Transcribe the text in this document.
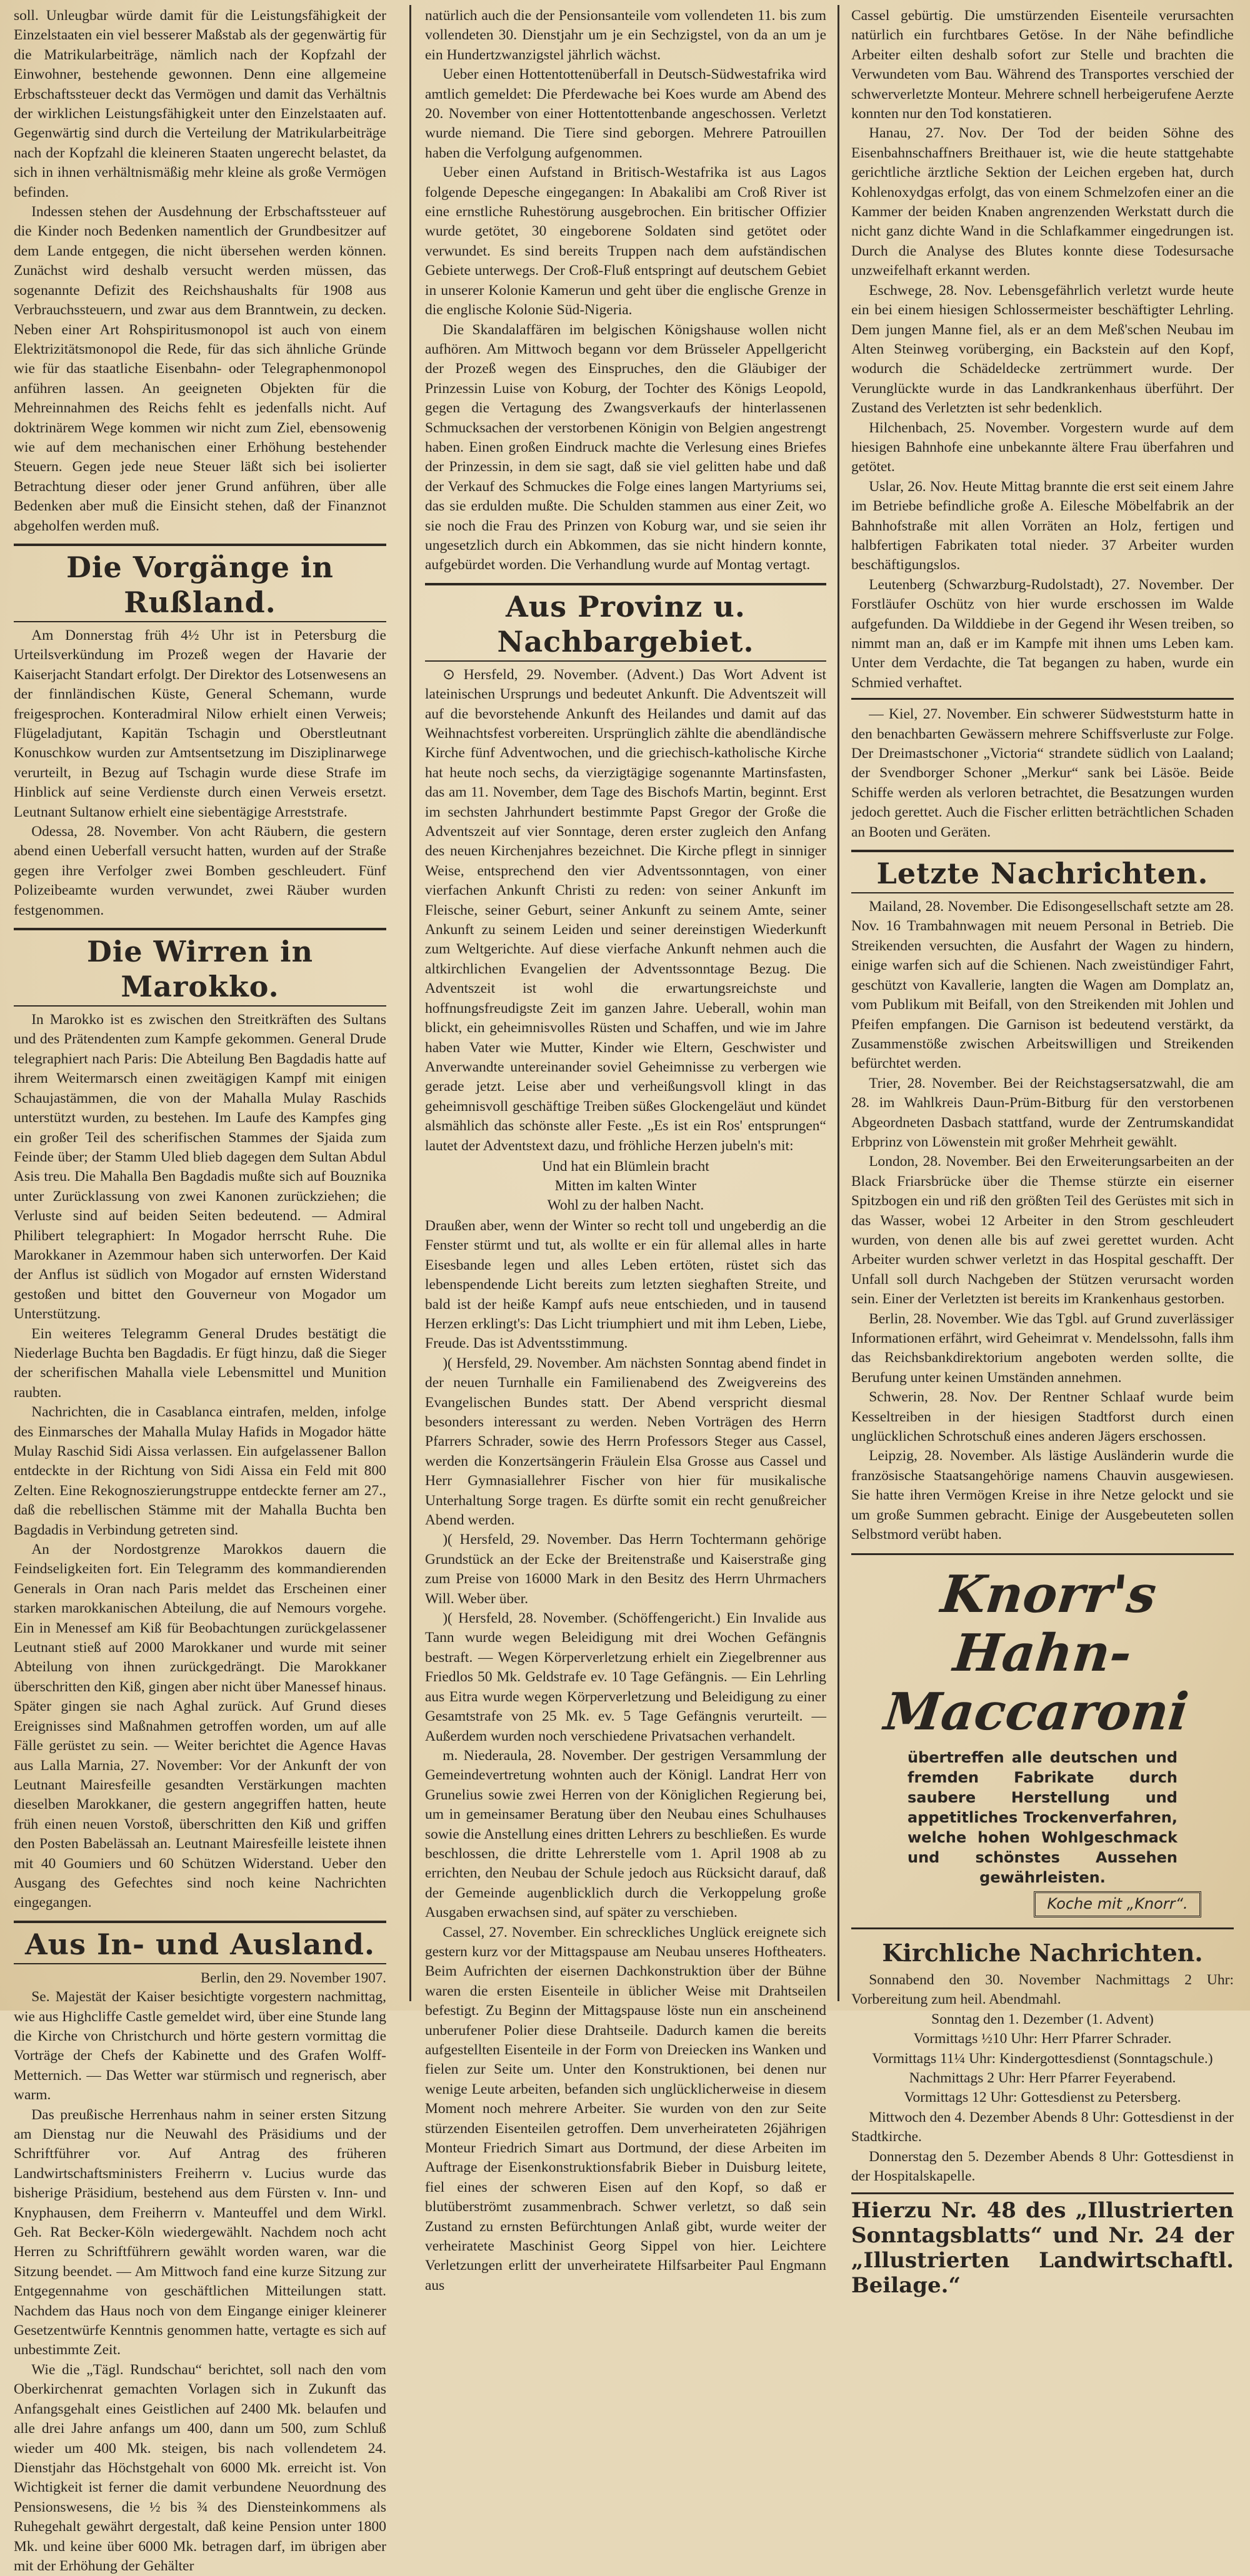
soll. Unleugbar würde damit für die Leistungsfähigkeit der Einzelstaaten ein viel besserer Maßstab als der gegenwärtig für die Matrikularbeiträge, nämlich nach der Kopfzahl der Einwohner, bestehende gewonnen. Denn eine allgemeine Erbschaftssteuer deckt das Vermögen und damit das Verhältnis der wirklichen Leistungsfähigkeit unter den Einzelstaaten auf. Gegenwärtig sind durch die Verteilung der Matrikularbeiträge nach der Kopfzahl die kleineren Staaten ungerecht belastet, da sich in ihnen verhältnismäßig mehr kleine als große Vermögen befinden.

Indessen stehen der Ausdehnung der Erbschaftssteuer auf die Kinder noch Bedenken namentlich der Grundbesitzer auf dem Lande entgegen, die nicht übersehen werden können. Zunächst wird deshalb versucht werden müssen, das sogenannte Defizit des Reichshaushalts für 1908 aus Verbrauchssteuern, und zwar aus dem Branntwein, zu decken. Neben einer Art Rohspiritusmonopol ist auch von einem Elektrizitätsmonopol die Rede, für das sich ähnliche Gründe wie für das staatliche Eisenbahn- oder Telegraphenmonopol anführen lassen. An geeigneten Objekten für die Mehreinnahmen des Reichs fehlt es jedenfalls nicht. Auf doktrinärem Wege kommen wir nicht zum Ziel, ebensowenig wie auf dem mechanischen einer Erhöhung bestehender Steuern. Gegen jede neue Steuer läßt sich bei isolierter Betrachtung dieser oder jener Grund anführen, über alle Bedenken aber muß die Einsicht stehen, daß der Finanznot abgeholfen werden muß.

Die Vorgänge in Rußland.

Am Donnerstag früh 4½ Uhr ist in Petersburg die Urteilsverkündung im Prozeß wegen der Havarie der Kaiserjacht Standart erfolgt. Der Direktor des Lotsenwesens an der finnländischen Küste, General Schemann, wurde freigesprochen. Konteradmiral Nilow erhielt einen Verweis; Flügeladjutant, Kapitän Tschagin und Oberstleutnant Konuschkow wurden zur Amtsentsetzung im Disziplinarwege verurteilt, in Bezug auf Tschagin wurde diese Strafe im Hinblick auf seine Verdienste durch einen Verweis ersetzt. Leutnant Sultanow erhielt eine siebentägige Arreststrafe.

Odessa, 28. November. Von acht Räubern, die gestern abend einen Ueberfall versucht hatten, wurden auf der Straße gegen ihre Verfolger zwei Bomben geschleudert. Fünf Polizeibeamte wurden verwundet, zwei Räuber wurden festgenommen.

Die Wirren in Marokko.

In Marokko ist es zwischen den Streitkräften des Sultans und des Prätendenten zum Kampfe gekommen. General Drude telegraphiert nach Paris: Die Abteilung Ben Bagdadis hatte auf ihrem Weitermarsch einen zweitägigen Kampf mit einigen Schaujastämmen, die von der Mahalla Mulay Raschids unterstützt wurden, zu bestehen. Im Laufe des Kampfes ging ein großer Teil des scherifischen Stammes der Sjaida zum Feinde über; der Stamm Uled blieb dagegen dem Sultan Abdul Asis treu. Die Mahalla Ben Bagdadis mußte sich auf Bouznika unter Zurücklassung von zwei Kanonen zurückziehen; die Verluste sind auf beiden Seiten bedeutend. — Admiral Philibert telegraphiert: In Mogador herrscht Ruhe. Die Marokkaner in Azemmour haben sich unterworfen. Der Kaid der Anflus ist südlich von Mogador auf ernsten Widerstand gestoßen und bittet den Gouverneur von Mogador um Unterstützung.

Ein weiteres Telegramm General Drudes bestätigt die Niederlage Buchta ben Bagdadis. Er fügt hinzu, daß die Sieger der scherifischen Mahalla viele Lebensmittel und Munition raubten.

Nachrichten, die in Casablanca eintrafen, melden, infolge des Einmarsches der Mahalla Mulay Hafids in Mogador hätte Mulay Raschid Sidi Aissa verlassen. Ein aufgelassener Ballon entdeckte in der Richtung von Sidi Aissa ein Feld mit 800 Zelten. Eine Rekognoszierungstruppe entdeckte ferner am 27., daß die rebellischen Stämme mit der Mahalla Buchta ben Bagdadis in Verbindung getreten sind.

An der Nordostgrenze Marokkos dauern die Feindseligkeiten fort. Ein Telegramm des kommandierenden Generals in Oran nach Paris meldet das Erscheinen einer starken marokkanischen Abteilung, die auf Nemours vorgehe. Ein in Menessef am Kiß für Beobachtungen zurückgelassener Leutnant stieß auf 2000 Marokkaner und wurde mit seiner Abteilung von ihnen zurückgedrängt. Die Marokkaner überschritten den Kiß, gingen aber nicht über Manessef hinaus. Später gingen sie nach Aghal zurück. Auf Grund dieses Ereignisses sind Maßnahmen getroffen worden, um auf alle Fälle gerüstet zu sein. — Weiter berichtet die Agence Havas aus Lalla Marnia, 27. November: Vor der Ankunft der von Leutnant Mairesfeille gesandten Verstärkungen machten dieselben Marokkaner, die gestern angegriffen hatten, heute früh einen neuen Vorstoß, überschritten den Kiß und griffen den Posten Babelässah an. Leutnant Mairesfeille leistete ihnen mit 40 Goumiers und 60 Schützen Widerstand. Ueber den Ausgang des Gefechtes sind noch keine Nachrichten eingegangen.

Aus In- und Ausland.
Berlin, den 29. November 1907.

Se. Majestät der Kaiser besichtigte vorgestern nachmittag, wie aus Highcliffe Castle gemeldet wird, über eine Stunde lang die Kirche von Christchurch und hörte gestern vormittag die Vorträge der Chefs der Kabinette und des Grafen Wolff-Metternich. — Das Wetter war stürmisch und regnerisch, aber warm.

Das preußische Herrenhaus nahm in seiner ersten Sitzung am Dienstag nur die Neuwahl des Präsidiums und der Schriftführer vor. Auf Antrag des früheren Landwirtschaftsministers Freiherrn v. Lucius wurde das bisherige Präsidium, bestehend aus dem Fürsten v. Inn- und Knyphausen, dem Freiherrn v. Manteuffel und dem Wirkl. Geh. Rat Becker-Köln wiedergewählt. Nachdem noch acht Herren zu Schriftführern gewählt worden waren, war die Sitzung beendet. — Am Mittwoch fand eine kurze Sitzung zur Entgegennahme von geschäftlichen Mitteilungen statt. Nachdem das Haus noch von dem Eingange einiger kleinerer Gesetzentwürfe Kenntnis genommen hatte, vertagte es sich auf unbestimmte Zeit.

Wie die „Tägl. Rundschau“ berichtet, soll nach den vom Oberkirchenrat gemachten Vorlagen sich in Zukunft das Anfangsgehalt eines Geistlichen auf 2400 Mk. belaufen und alle drei Jahre anfangs um 400, dann um 500, zum Schluß wieder um 400 Mk. steigen, bis nach vollendetem 24. Dienstjahr das Höchstgehalt von 6000 Mk. erreicht ist. Von Wichtigkeit ist ferner die damit verbundene Neuordnung des Pensionswesens, die ½ bis ¾ des Diensteinkommens als Ruhegehalt gewährt dergestalt, daß keine Pension unter 1800 Mk. und keine über 6000 Mk. betragen darf, im übrigen aber mit der Erhöhung der Gehälter

natürlich auch die der Pensionsanteile vom vollendeten 11. bis zum vollendeten 30. Dienstjahr um je ein Sechzigstel, von da an um je ein Hundertzwanzigstel jährlich wächst.

Ueber einen Hottentottenüberfall in Deutsch-Südwestafrika wird amtlich gemeldet: Die Pferdewache bei Koes wurde am Abend des 20. November von einer Hottentottenbande angeschossen. Verletzt wurde niemand. Die Tiere sind geborgen. Mehrere Patrouillen haben die Verfolgung aufgenommen.

Ueber einen Aufstand in Britisch-Westafrika ist aus Lagos folgende Depesche eingegangen: In Abakalibi am Croß River ist eine ernstliche Ruhestörung ausgebrochen. Ein britischer Offizier wurde getötet, 30 eingeborene Soldaten sind getötet oder verwundet. Es sind bereits Truppen nach dem aufständischen Gebiete unterwegs. Der Croß-Fluß entspringt auf deutschem Gebiet in unserer Kolonie Kamerun und geht über die englische Grenze in die englische Kolonie Süd-Nigeria.

Die Skandalaffären im belgischen Königshause wollen nicht aufhören. Am Mittwoch begann vor dem Brüsseler Appellgericht der Prozeß wegen des Einspruches, den die Gläubiger der Prinzessin Luise von Koburg, der Tochter des Königs Leopold, gegen die Vertagung des Zwangsverkaufs der hinterlassenen Schmucksachen der verstorbenen Königin von Belgien angestrengt haben. Einen großen Eindruck machte die Verlesung eines Briefes der Prinzessin, in dem sie sagt, daß sie viel gelitten habe und daß der Verkauf des Schmuckes die Folge eines langen Martyriums sei, das sie erdulden mußte. Die Schulden stammen aus einer Zeit, wo sie noch die Frau des Prinzen von Koburg war, und sie seien ihr ungesetzlich durch ein Abkommen, das sie nicht hindern konnte, aufgebürdet worden. Die Verhandlung wurde auf Montag vertagt.

Aus Provinz u. Nachbargebiet.

⊙ Hersfeld, 29. November. (Advent.) Das Wort Advent ist lateinischen Ursprungs und bedeutet Ankunft. Die Adventszeit will auf die bevorstehende Ankunft des Heilandes und damit auf das Weihnachtsfest vorbereiten. Ursprünglich zählte die abendländische Kirche fünf Adventwochen, und die griechisch-katholische Kirche hat heute noch sechs, da vierzigtägige sogenannte Martinsfasten, das am 11. November, dem Tage des Bischofs Martin, beginnt. Erst im sechsten Jahrhundert bestimmte Papst Gregor der Große die Adventszeit auf vier Sonntage, deren erster zugleich den Anfang des neuen Kirchenjahres bezeichnet. Die Kirche pflegt in sinniger Weise, entsprechend den vier Adventssonntagen, von einer vierfachen Ankunft Christi zu reden: von seiner Ankunft im Fleische, seiner Geburt, seiner Ankunft zu seinem Amte, seiner Ankunft zu seinem Leiden und seiner dereinstigen Wiederkunft zum Weltgerichte. Auf diese vierfache Ankunft nehmen auch die altkirchlichen Evangelien der Adventssonntage Bezug. Die Adventszeit ist wohl die erwartungsreichste und hoffnungsfreudigste Zeit im ganzen Jahre. Ueberall, wohin man blickt, ein geheimnisvolles Rüsten und Schaffen, und wie im Jahre haben Vater wie Mutter, Kinder wie Eltern, Geschwister und Anverwandte untereinander soviel Geheimnisse zu verbergen wie gerade jetzt. Leise aber und verheißungsvoll klingt in das geheimnisvoll geschäftige Treiben süßes Glockengeläut und kündet alsmählich das schönste aller Feste. „Es ist ein Ros' entsprungen“ lautet der Adventstext dazu, und fröhliche Herzen jubeln's mit:

Und hat ein Blümlein bracht
Mitten im kalten Winter
Wohl zu der halben Nacht.

Draußen aber, wenn der Winter so recht toll und ungeberdig an die Fenster stürmt und tut, als wollte er ein für allemal alles in harte Eisesbande legen und alles Leben ertöten, rüstet sich das lebenspendende Licht bereits zum letzten sieghaften Streite, und bald ist der heiße Kampf aufs neue entschieden, und in tausend Herzen erklingt's: Das Licht triumphiert und mit ihm Leben, Liebe, Freude. Das ist Adventsstimmung.

)( Hersfeld, 29. November. Am nächsten Sonntag abend findet in der neuen Turnhalle ein Familienabend des Zweigvereins des Evangelischen Bundes statt. Der Abend verspricht diesmal besonders interessant zu werden. Neben Vorträgen des Herrn Pfarrers Schrader, sowie des Herrn Professors Steger aus Cassel, werden die Konzertsängerin Fräulein Elsa Grosse aus Cassel und Herr Gymnasiallehrer Fischer von hier für musikalische Unterhaltung Sorge tragen. Es dürfte somit ein recht genußreicher Abend werden.

)( Hersfeld, 29. November. Das Herrn Tochtermann gehörige Grundstück an der Ecke der Breitenstraße und Kaiserstraße ging zum Preise von 16000 Mark in den Besitz des Herrn Uhrmachers Will. Weber über.

)( Hersfeld, 28. November. (Schöffengericht.) Ein Invalide aus Tann wurde wegen Beleidigung mit drei Wochen Gefängnis bestraft. — Wegen Körperverletzung erhielt ein Ziegelbrenner aus Friedlos 50 Mk. Geldstrafe ev. 10 Tage Gefängnis. — Ein Lehrling aus Eitra wurde wegen Körperverletzung und Beleidigung zu einer Gesamtstrafe von 25 Mk. ev. 5 Tage Gefängnis verurteilt. — Außerdem wurden noch verschiedene Privatsachen verhandelt.

m. Niederaula, 28. November. Der gestrigen Versammlung der Gemeindevertretung wohnten auch der Königl. Landrat Herr von Grunelius sowie zwei Herren von der Königlichen Regierung bei, um in gemeinsamer Beratung über den Neubau eines Schulhauses sowie die Anstellung eines dritten Lehrers zu beschließen. Es wurde beschlossen, die dritte Lehrerstelle vom 1. April 1908 ab zu errichten, den Neubau der Schule jedoch aus Rücksicht darauf, daß der Gemeinde augenblicklich durch die Verkoppelung große Ausgaben erwachsen sind, auf später zu verschieben.

Cassel, 27. November. Ein schreckliches Unglück ereignete sich gestern kurz vor der Mittagspause am Neubau unseres Hoftheaters. Beim Aufrichten der eisernen Dachkonstruktion über der Bühne waren die ersten Eisenteile in üblicher Weise mit Drahtseilen befestigt. Zu Beginn der Mittagspause löste nun ein anscheinend unberufener Polier diese Drahtseile. Dadurch kamen die bereits aufgestellten Eisenteile in der Form von Dreiecken ins Wanken und fielen zur Seite um. Unter den Konstruktionen, bei denen nur wenige Leute arbeiten, befanden sich unglücklicherweise in diesem Moment noch mehrere Arbeiter. Sie wurden von den zur Seite stürzenden Eisenteilen getroffen. Dem unverheirateten 26jährigen Monteur Friedrich Simart aus Dortmund, der diese Arbeiten im Auftrage der Eisenkonstruktionsfabrik Bieber in Duisburg leitete, fiel eines der schweren Eisen auf den Kopf, so daß er blutüberströmt zusammenbrach. Schwer verletzt, so daß sein Zustand zu ernsten Befürchtungen Anlaß gibt, wurde weiter der verheiratete Maschinist Georg Sippel von hier. Leichtere Verletzungen erlitt der unverheiratete Hilfsarbeiter Paul Engmann aus

Cassel gebürtig. Die umstürzenden Eisenteile verursachten natürlich ein furchtbares Getöse. In der Nähe befindliche Arbeiter eilten deshalb sofort zur Stelle und brachten die Verwundeten vom Bau. Während des Transportes verschied der schwerverletzte Monteur. Mehrere schnell herbeigerufene Aerzte konnten nur den Tod konstatieren.

Hanau, 27. Nov. Der Tod der beiden Söhne des Eisenbahnschaffners Breithauer ist, wie die heute stattgehabte gerichtliche ärztliche Sektion der Leichen ergeben hat, durch Kohlenoxydgas erfolgt, das von einem Schmelzofen einer an die Kammer der beiden Knaben angrenzenden Werkstatt durch die nicht ganz dichte Wand in die Schlafkammer eingedrungen ist. Durch die Analyse des Blutes konnte diese Todesursache unzweifelhaft erkannt werden.

Eschwege, 28. Nov. Lebensgefährlich verletzt wurde heute ein bei einem hiesigen Schlossermeister beschäftigter Lehrling. Dem jungen Manne fiel, als er an dem Meß'schen Neubau im Alten Steinweg vorüberging, ein Backstein auf den Kopf, wodurch die Schädeldecke zertrümmert wurde. Der Verunglückte wurde in das Landkrankenhaus überführt. Der Zustand des Verletzten ist sehr bedenklich.

Hilchenbach, 25. November. Vorgestern wurde auf dem hiesigen Bahnhofe eine unbekannte ältere Frau überfahren und getötet.

Uslar, 26. Nov. Heute Mittag brannte die erst seit einem Jahre im Betriebe befindliche große A. Eilesche Möbelfabrik an der Bahnhofstraße mit allen Vorräten an Holz, fertigen und halbfertigen Fabrikaten total nieder. 37 Arbeiter wurden beschäftigungslos.

Leutenberg (Schwarzburg-Rudolstadt), 27. November. Der Forstläufer Oschütz von hier wurde erschossen im Walde aufgefunden. Da Wilddiebe in der Gegend ihr Wesen treiben, so nimmt man an, daß er im Kampfe mit ihnen ums Leben kam. Unter dem Verdachte, die Tat begangen zu haben, wurde ein Schmied verhaftet.

— Kiel, 27. November. Ein schwerer Südweststurm hatte in den benachbarten Gewässern mehrere Schiffsverluste zur Folge. Der Dreimastschoner „Victoria“ strandete südlich von Laaland; der Svendborger Schoner „Merkur“ sank bei Läsöe. Beide Schiffe werden als verloren betrachtet, die Besatzungen wurden jedoch gerettet. Auch die Fischer erlitten beträchtlichen Schaden an Booten und Geräten.

Letzte Nachrichten.

Mailand, 28. November. Die Edisongesellschaft setzte am 28. Nov. 16 Trambahnwagen mit neuem Personal in Betrieb. Die Streikenden versuchten, die Ausfahrt der Wagen zu hindern, einige warfen sich auf die Schienen. Nach zweistündiger Fahrt, geschützt von Kavallerie, langten die Wagen am Domplatz an, vom Publikum mit Beifall, von den Streikenden mit Johlen und Pfeifen empfangen. Die Garnison ist bedeutend verstärkt, da Zusammenstöße zwischen Arbeitswilligen und Streikenden befürchtet werden.

Trier, 28. November. Bei der Reichstagsersatzwahl, die am 28. im Wahlkreis Daun-Prüm-Bitburg für den verstorbenen Abgeordneten Dasbach stattfand, wurde der Zentrumskandidat Erbprinz von Löwenstein mit großer Mehrheit gewählt.

London, 28. November. Bei den Erweiterungsarbeiten an der Black Friarsbrücke über die Themse stürzte ein eiserner Spitzbogen ein und riß den größten Teil des Gerüstes mit sich in das Wasser, wobei 12 Arbeiter in den Strom geschleudert wurden, von denen alle bis auf zwei gerettet wurden. Acht Arbeiter wurden schwer verletzt in das Hospital geschafft. Der Unfall soll durch Nachgeben der Stützen verursacht worden sein. Einer der Verletzten ist bereits im Krankenhaus gestorben.

Berlin, 28. November. Wie das Tgbl. auf Grund zuverlässiger Informationen erfährt, wird Geheimrat v. Mendelssohn, falls ihm das Reichsbankdirektorium angeboten werden sollte, die Berufung unter keinen Umständen annehmen.

Schwerin, 28. Nov. Der Rentner Schlaaf wurde beim Kesseltreiben in der hiesigen Stadtforst durch einen unglücklichen Schrotschuß eines anderen Jägers erschossen.

Leipzig, 28. November. Als lästige Ausländerin wurde die französische Staatsangehörige namens Chauvin ausgewiesen. Sie hatte ihren Vermögen Kreise in ihre Netze gelockt und sie um große Summen gebracht. Einige der Ausgebeuteten sollen Selbstmord verübt haben.

Knorr's
Hahn-
Maccaroni
übertreffen alle deutschen und fremden Fabrikate durch saubere Herstellung und appetitliches Trockenverfahren, welche hohen Wohlgeschmack und schönstes Aussehen gewährleisten.
Koche mit „Knorr“.
Kirchliche Nachrichten.

Sonnabend den 30. November Nachmittags 2 Uhr: Vorbereitung zum heil. Abendmahl.

Sonntag den 1. Dezember (1. Advent)
Vormittags ½10 Uhr: Herr Pfarrer Schrader.
Vormittags 11¼ Uhr: Kindergottesdienst (Sonntagschule.)
Nachmittags 2 Uhr: Herr Pfarrer Feyerabend.
Vormittags 12 Uhr: Gottesdienst zu Petersberg.

Mittwoch den 4. Dezember Abends 8 Uhr: Gottesdienst in der Stadtkirche.

Donnerstag den 5. Dezember Abends 8 Uhr: Gottesdienst in der Hospitalskapelle.

Hierzu Nr. 48 des „Illustrierten Sonntagsblatts“ und Nr. 24 der „Illustrierten Landwirtschaftl. Beilage.“
